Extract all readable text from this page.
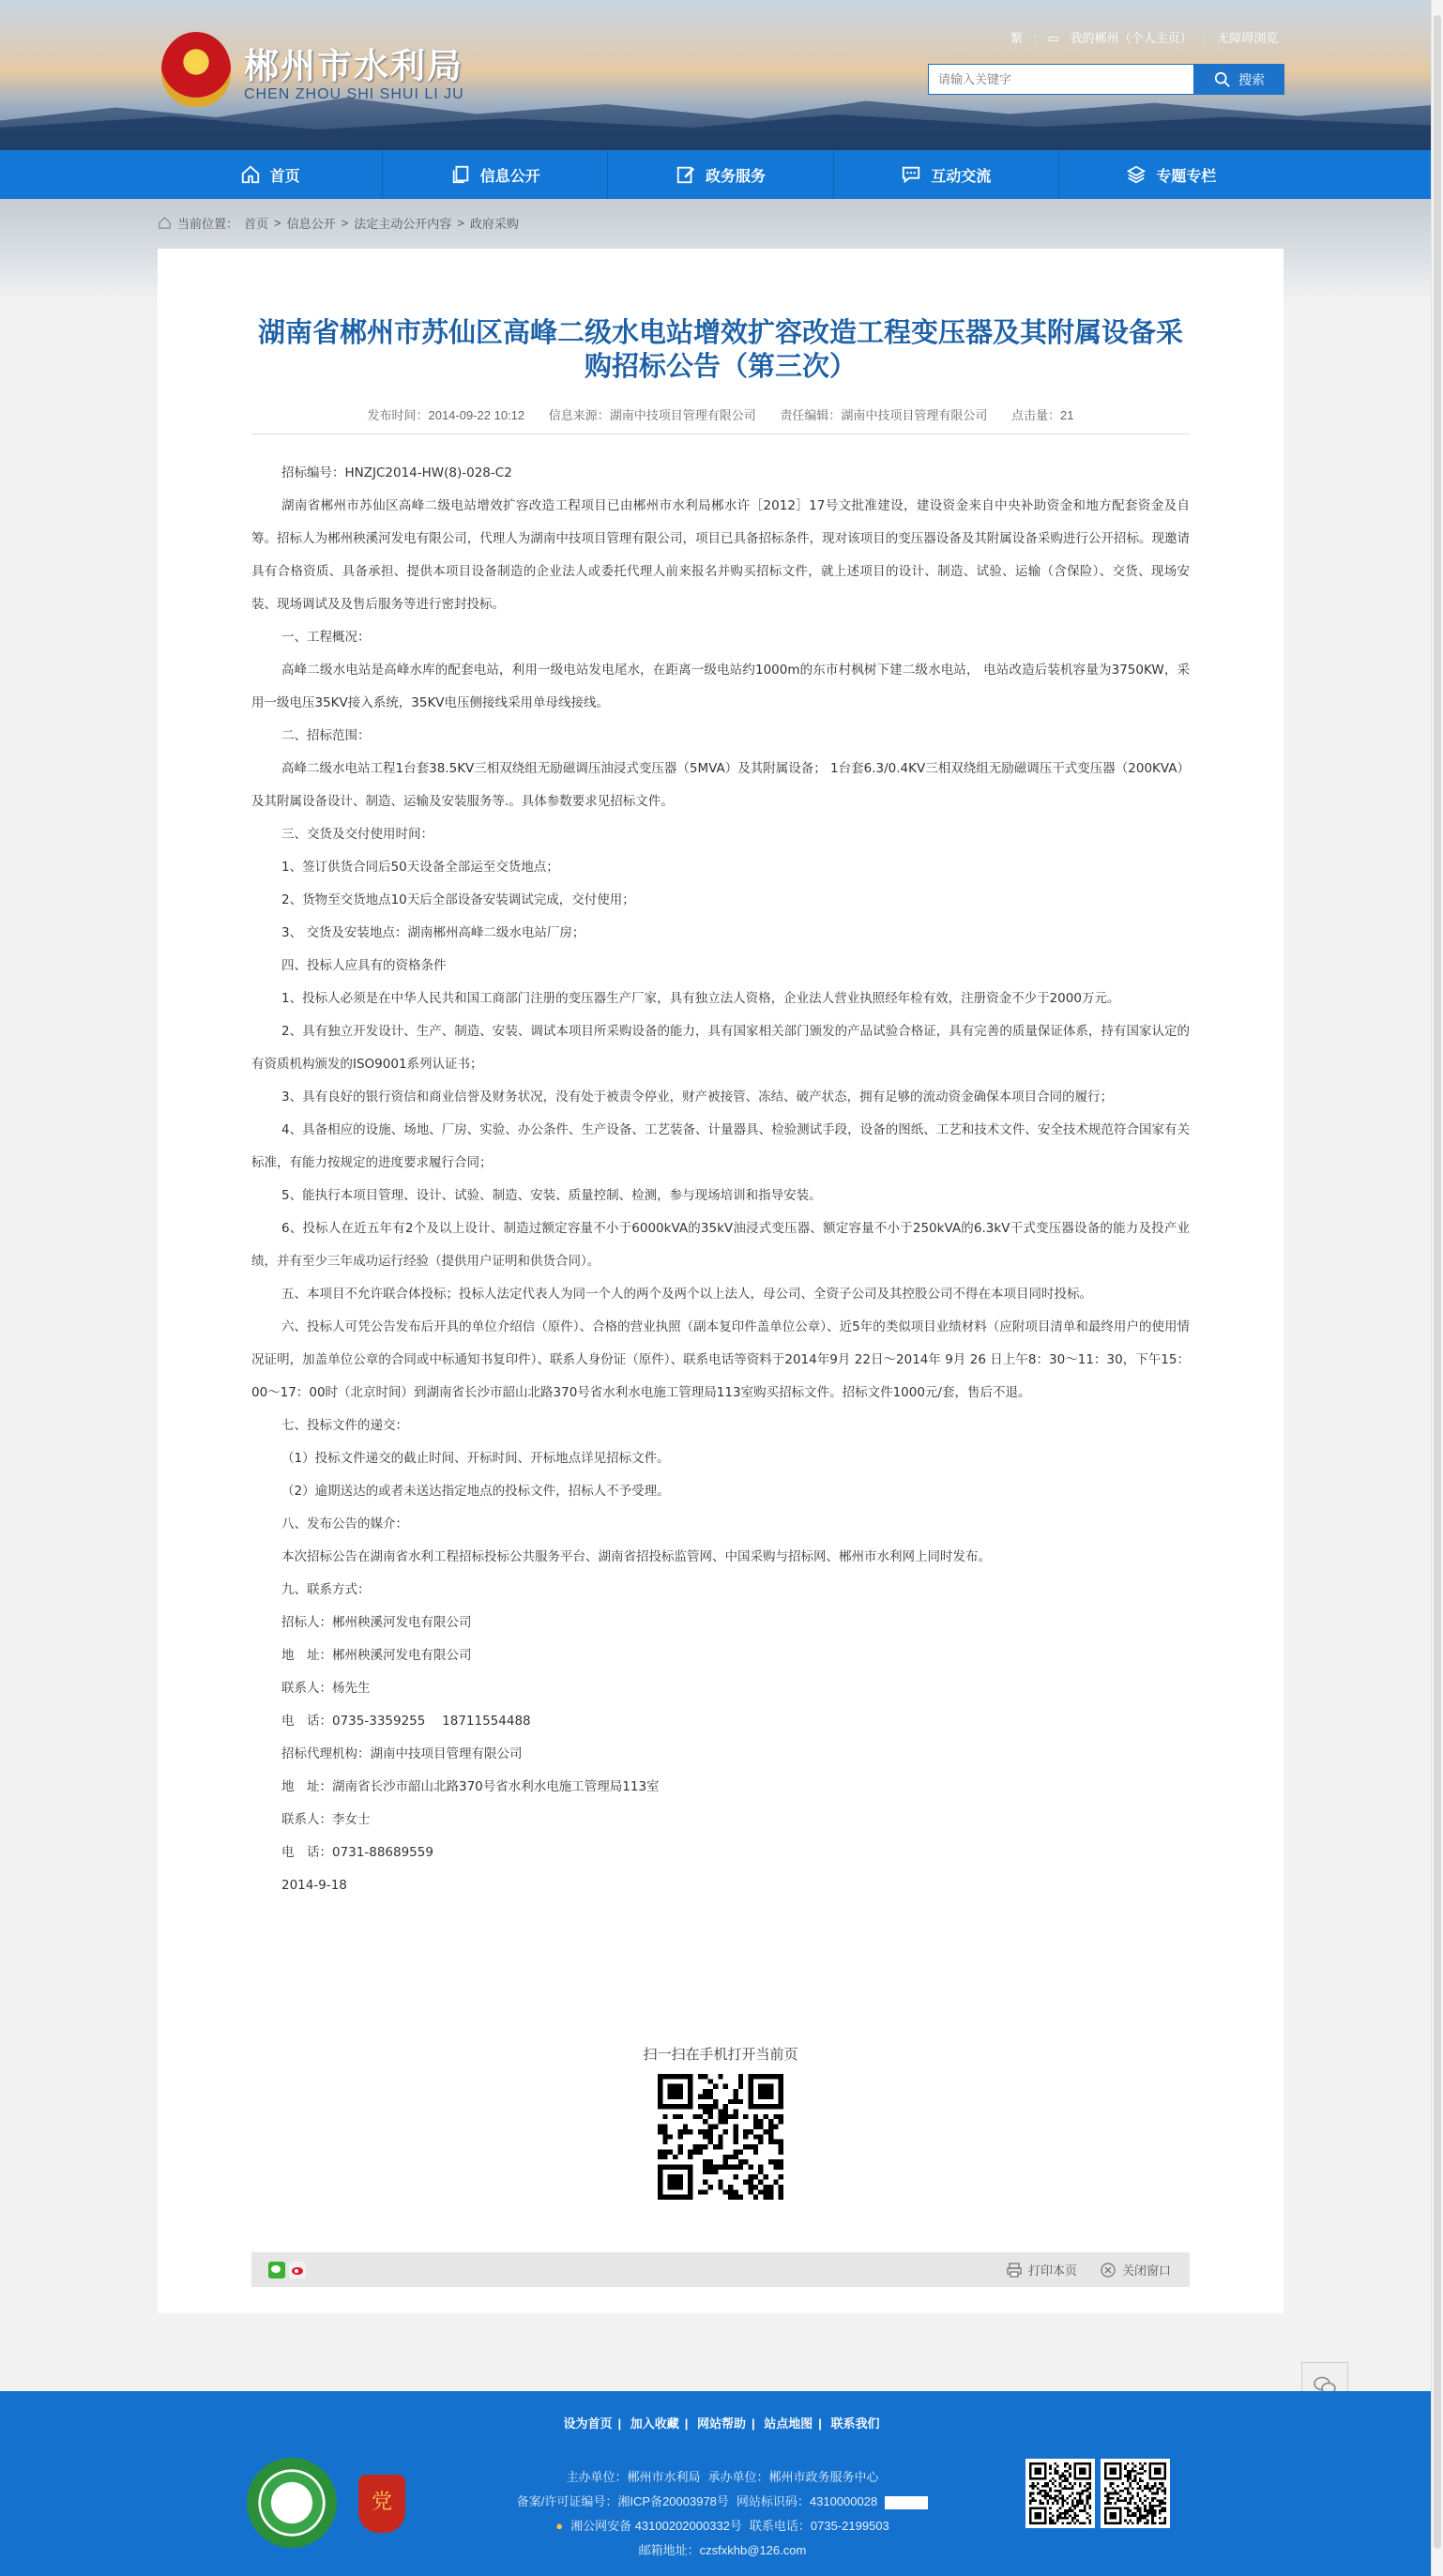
★	郴州市水利局
CHEN ZHOU SHI SHUI LI JU
繁 | ▭ 我的郴州（个人主页） | 无障碍浏览
请输入关键字
搜索
首页	信息公开	政务服务	互动交流	专题专栏
当前位置： 首页 > 信息公开 > 法定主动公开内容 > 政府采购
湖南省郴州市苏仙区高峰二级水电站增效扩容改造工程变压器及其附属设备采购招标公告（第三次）
发布时间：2014-09-22 10:12 信息来源：湖南中技项目管理有限公司 责任编辑：湖南中技项目管理有限公司 点击量：21

招标编号：HNZJC2014-HW(8)-028-C2

湖南省郴州市苏仙区高峰二级电站增效扩容改造工程项目已由郴州市水利局郴水许［2012］17号文批准建设，建设资金来自中央补助资金和地方配套资金及自筹。招标人为郴州秧溪河发电有限公司，代理人为湖南中技项目管理有限公司，项目已具备招标条件，现对该项目的变压器设备及其附属设备采购进行公开招标。现邀请具有合格资质、具备承担、提供本项目设备制造的企业法人或委托代理人前来报名并购买招标文件，就上述项目的设计、制造、试验、运输（含保险）、交货、现场安装、现场调试及及售后服务等进行密封投标。

一、工程概况：

高峰二级水电站是高峰水库的配套电站，利用一级电站发电尾水，在距离一级电站约1000m的东市村枫树下建二级水电站， 电站改造后装机容量为3750KW，采用一级电压35KV接入系统，35KV电压侧接线采用单母线接线。

二、招标范围：

高峰二级水电站工程1台套38.5KV三相双绕组无励磁调压油浸式变压器（5MVA）及其附属设备； 1台套6.3/0.4KV三相双绕组无励磁调压干式变压器（200KVA）及其附属设备设计、制造、运输及安装服务等.。具体参数要求见招标文件。

三、交货及交付使用时间：

1、签订供货合同后50天设备全部运至交货地点；

2、货物至交货地点10天后全部设备安装调试完成，交付使用；

3、 交货及安装地点：湖南郴州高峰二级水电站厂房；

四、投标人应具有的资格条件

1、投标人必须是在中华人民共和国工商部门注册的变压器生产厂家，具有独立法人资格，企业法人营业执照经年检有效，注册资金不少于2000万元。

2、具有独立开发设计、生产、制造、安装、调试本项目所采购设备的能力，具有国家相关部门颁发的产品试验合格证，具有完善的质量保证体系，持有国家认定的有资质机构颁发的ISO9001系列认证书；

3、具有良好的银行资信和商业信誉及财务状况，没有处于被责令停业，财产被接管、冻结、破产状态，拥有足够的流动资金确保本项目合同的履行；

4、具备相应的设施、场地、厂房、实验、办公条件、生产设备、工艺装备、计量器具、检验测试手段，设备的图纸、工艺和技术文件、安全技术规范符合国家有关标准，有能力按规定的进度要求履行合同；

5、能执行本项目管理、设计、试验、制造、安装、质量控制、检测，参与现场培训和指导安装。

6、投标人在近五年有2个及以上设计、制造过额定容量不小于6000kVA的35kV油浸式变压器、额定容量不小于250kVA的6.3kV干式变压器设备的能力及投产业绩，并有至少三年成功运行经验（提供用户证明和供货合同）。

五、本项目不允许联合体投标；投标人法定代表人为同一个人的两个及两个以上法人，母公司、全资子公司及其控股公司不得在本项目同时投标。

六、投标人可凭公告发布后开具的单位介绍信（原件）、合格的营业执照（副本复印件盖单位公章）、近5年的类似项目业绩材料（应附项目清单和最终用户的使用情况证明，加盖单位公章的合同或中标通知书复印件）、联系人身份证（原件）、联系电话等资料于2014年9月 22日～2014年 9月 26 日上午8：30～11：30，下午15：00～17：00时（北京时间）到湖南省长沙市韶山北路370号省水利水电施工管理局113室购买招标文件。招标文件1000元/套，售后不退。

七、投标文件的递交：

（1）投标文件递交的截止时间、开标时间、开标地点详见招标文件。

（2）逾期送达的或者未送达指定地点的投标文件，招标人不予受理。

八、发布公告的媒介：

本次招标公告在湖南省水利工程招标投标公共服务平台、湖南省招投标监管网、中国采购与招标网、郴州市水利网上同时发布。

九、联系方式：

招标人：郴州秧溪河发电有限公司

地　址：郴州秧溪河发电有限公司

联系人：杨先生

电　话：0735-3359255　 18711554488

招标代理机构：湖南中技项目管理有限公司

地　址：湖南省长沙市韶山北路370号省水利水电施工管理局113室

联系人：李女士

电　话：0731-88689559

2014-9-18

扫一扫在手机打开当前页
打印本页	关闭窗口
设为首页 | 加入收藏 | 网站帮助 | 站点地图 | 联系我们
党
主办单位：郴州市水利局 承办单位：郴州市政务服务中心
备案/许可证编号：湘ICP备20003978号 网站标识码：4310000028
● 湘公网安备 43100202000332号 联系电话：0735-2199503
邮箱地址：czsfxkhb@126.com
